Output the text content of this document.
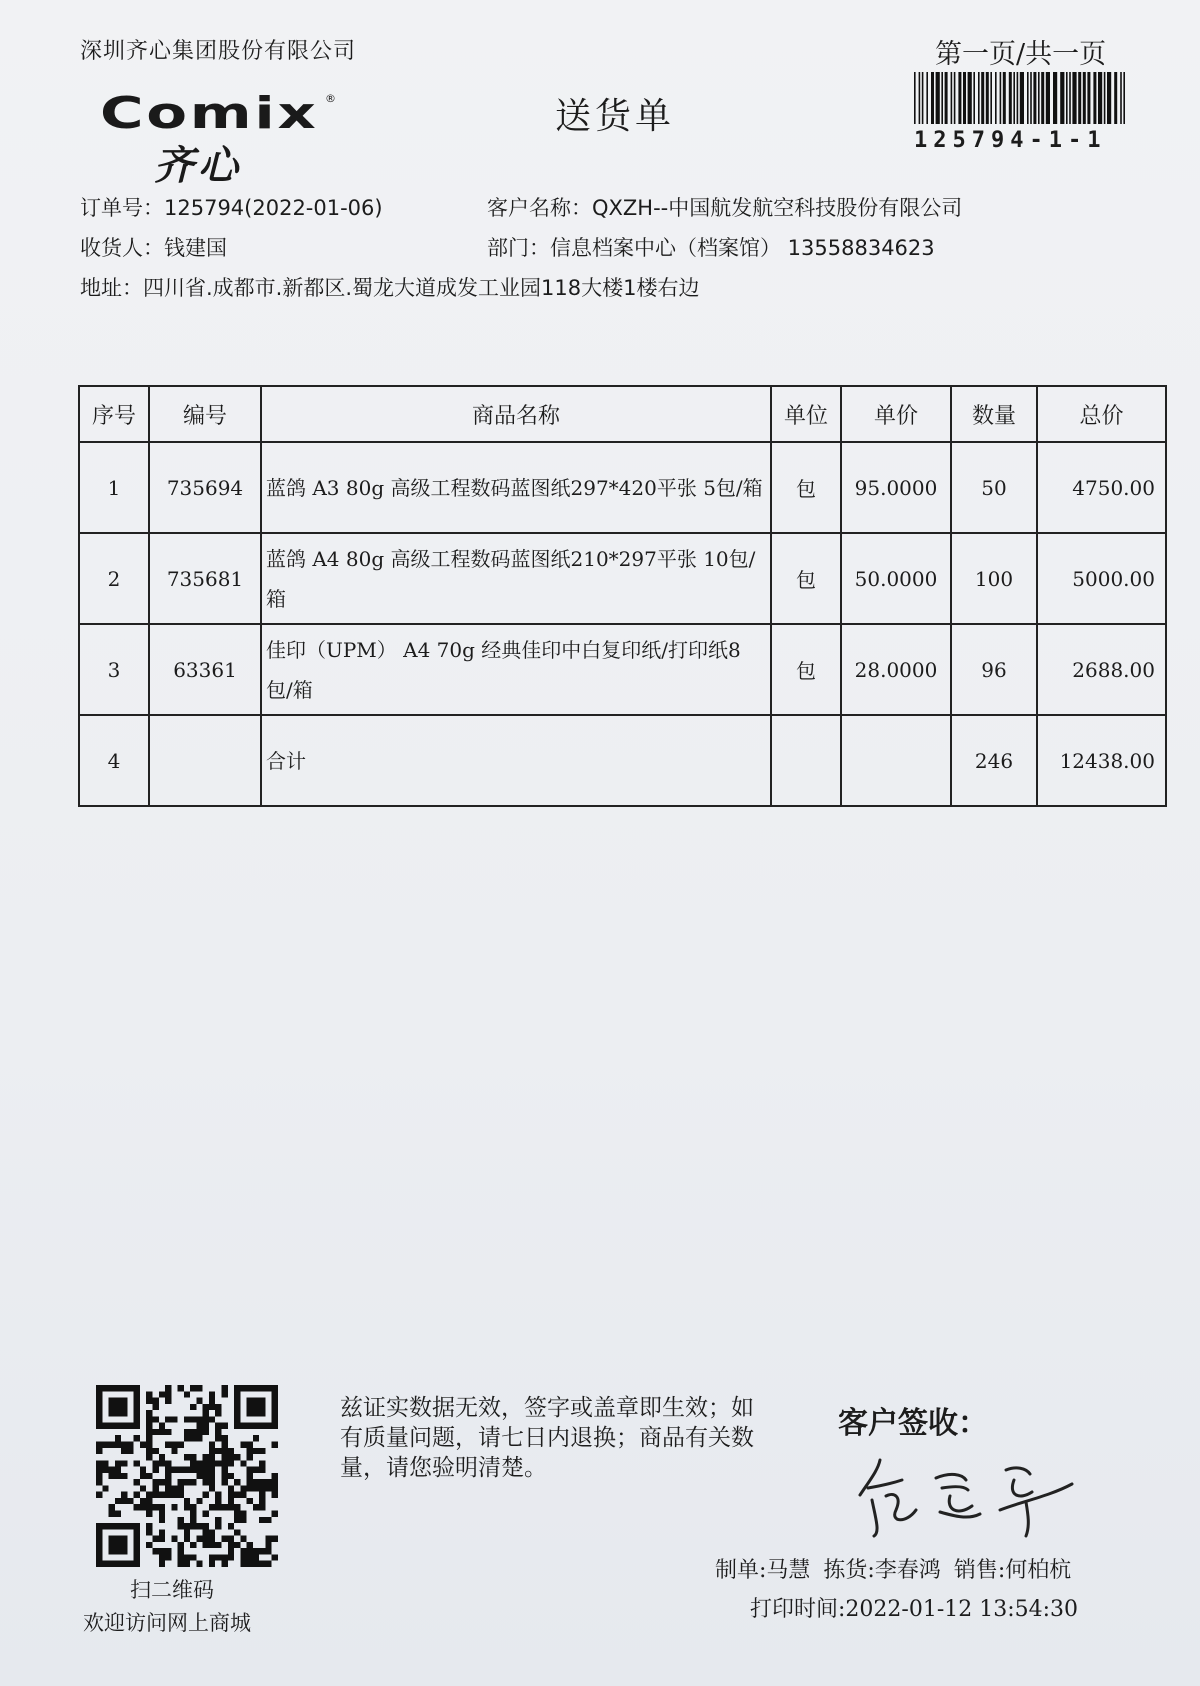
深圳齐心集团股份有限公司	第一页/共一页
Comix ®
齐心
送货单
125794-1-1
订单号：125794(2022-01-06)	客户名称：QXZH--中国航发航空科技股份有限公司
收货人：钱建国	部门：信息档案中心（档案馆） 13558834623
地址：四川省.成都市.新都区.蜀龙大道成发工业园118大楼1楼右边
序号	编号	商品名称	单位	单价	数量	总价
1	735694	蓝鸽 A3 80g 高级工程数码蓝图纸297*420平张 5包/箱	包	95.0000	50	4750.00
2	735681	蓝鸽 A4 80g 高级工程数码蓝图纸210*297平张 10包/箱	包	50.0000	100	5000.00
3	63361	佳印（UPM） A4 70g 经典佳印中白复印纸/打印纸8包/箱	包	28.0000	96	2688.00
4		合计			246	12438.00
扫二维码
欢迎访问网上商城
兹证实数据无效，签字或盖章即生效；如有质量问题，请七日内退换；商品有关数量，请您验明清楚。
客户签收：
制单:马慧 拣货:李春鸿 销售:何柏杭
打印时间:2022-01-12 13:54:30
